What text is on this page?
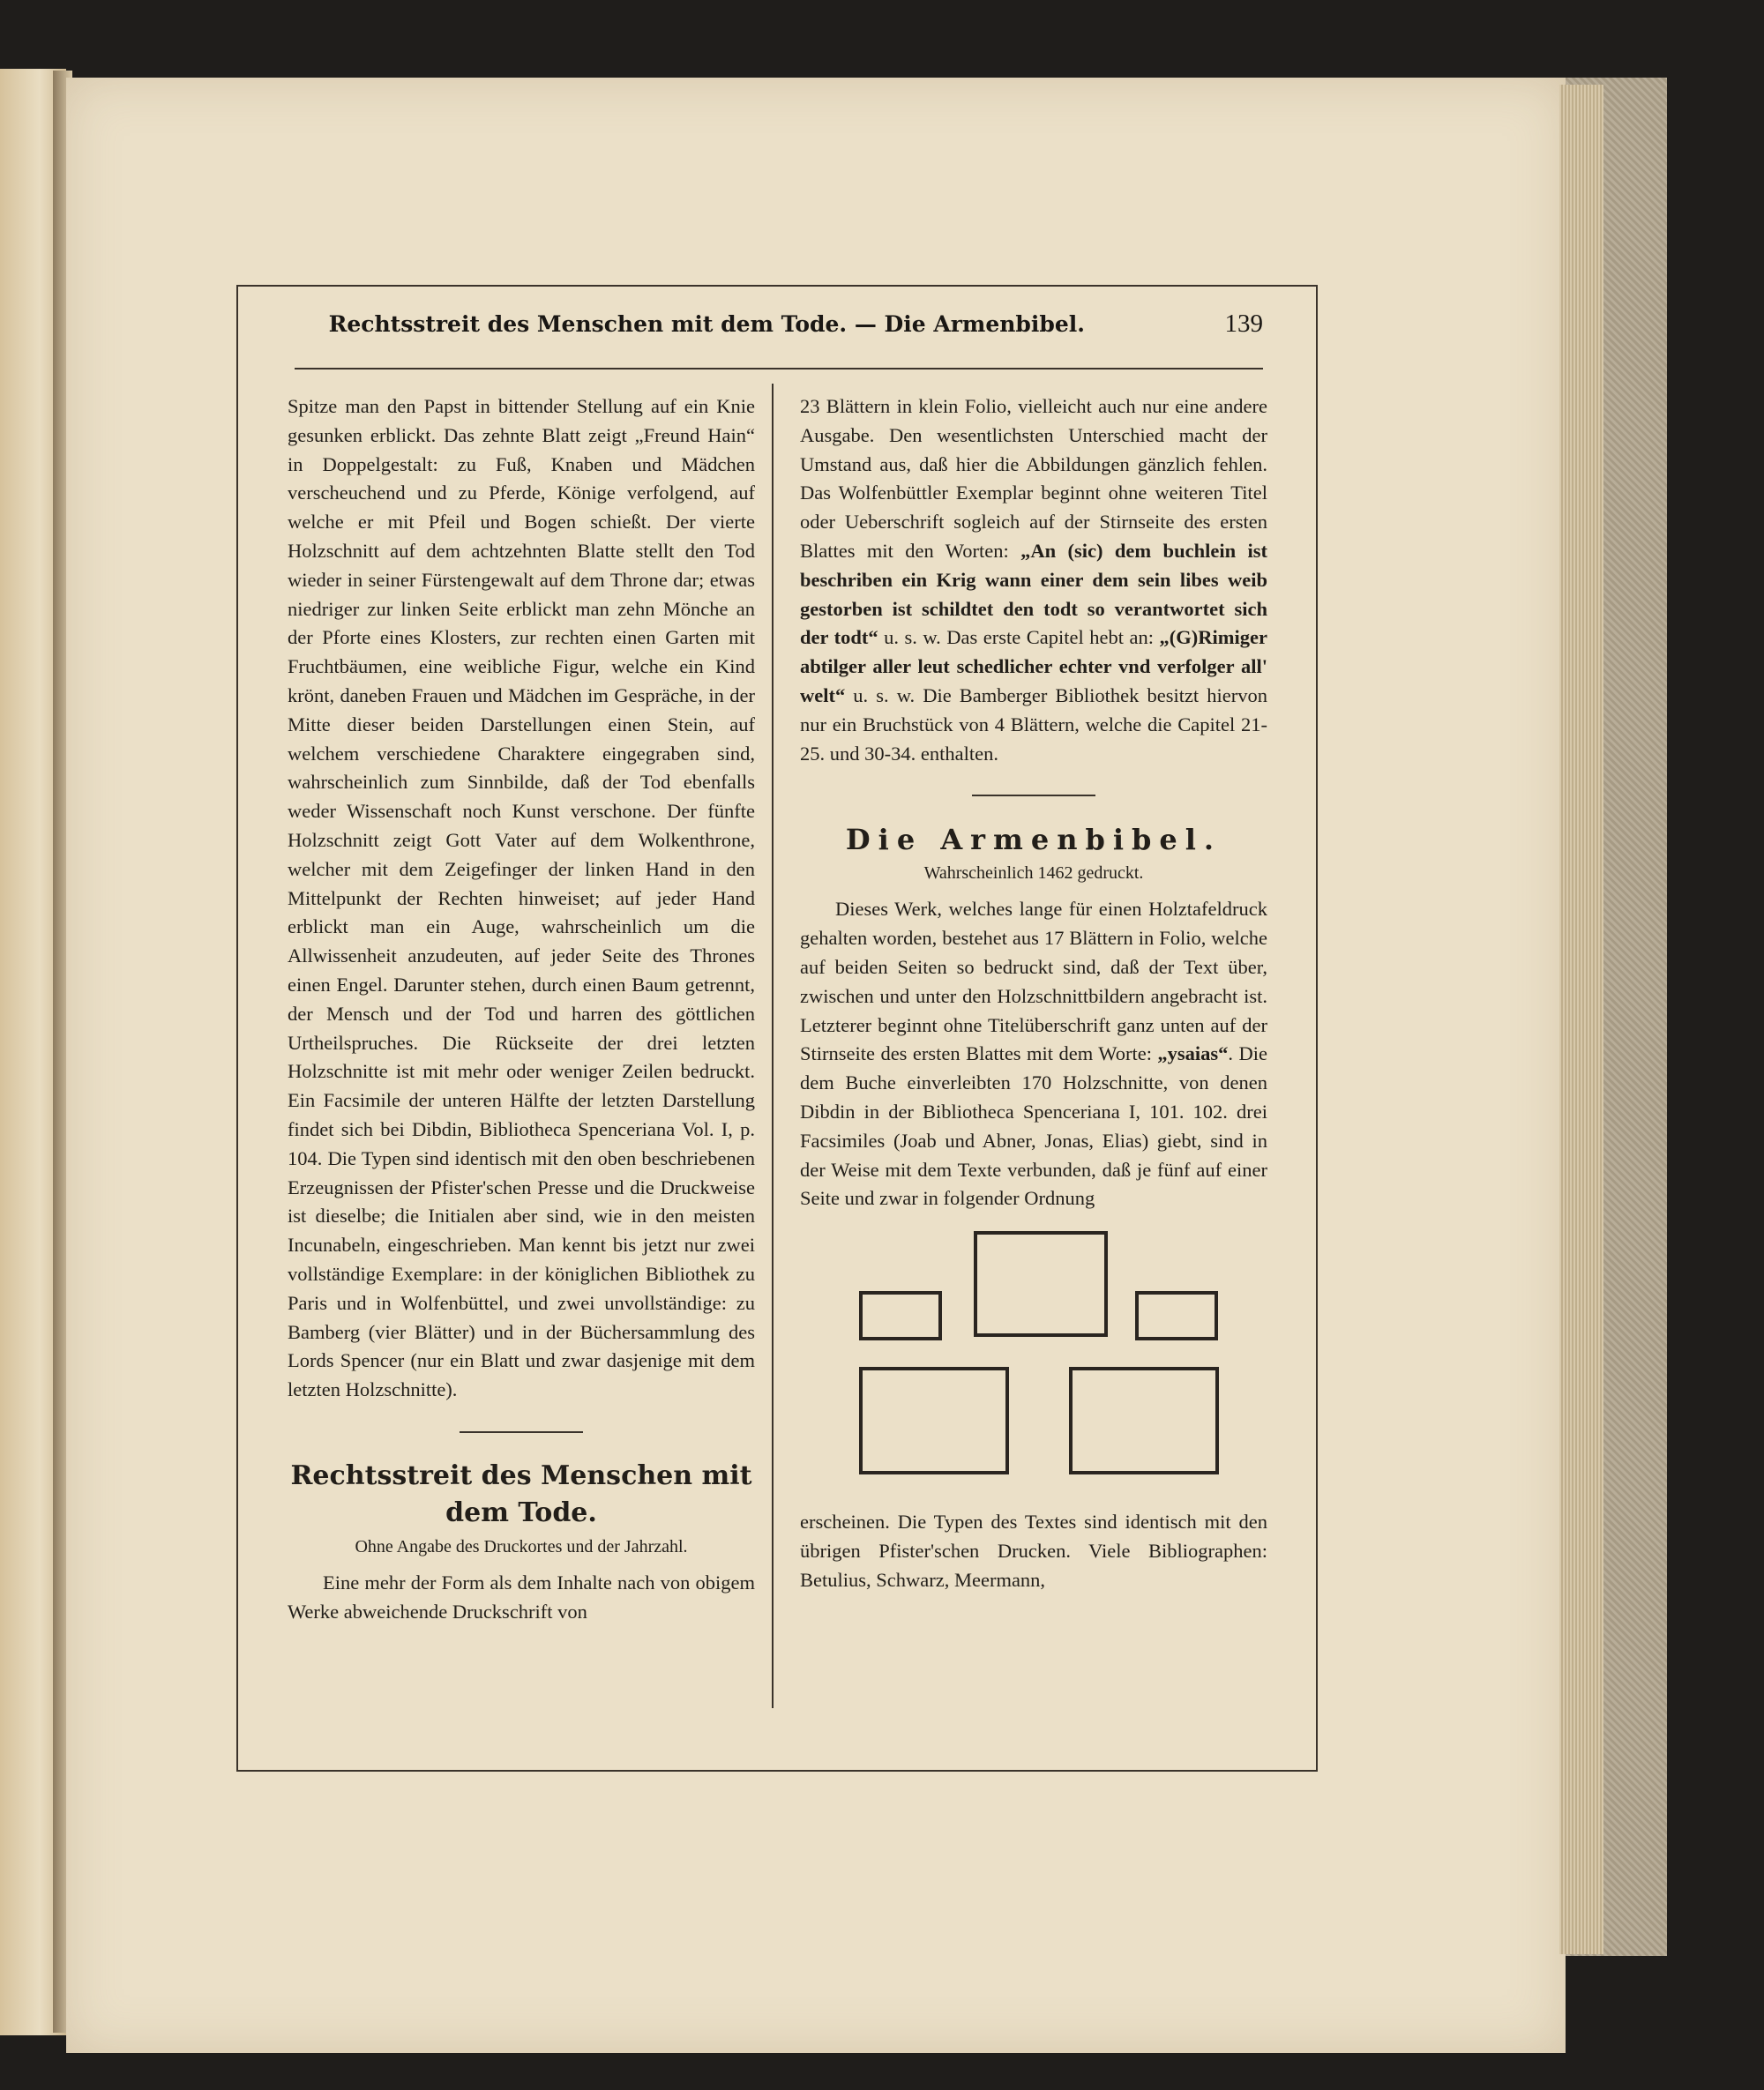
Rechtsstreit des Menschen mit dem Tode. — Die Armenbibel.	139

Spitze man den Papst in bittender Stellung auf ein Knie gesunken erblickt. Das zehnte Blatt zeigt „Freund Hain“ in Doppelgestalt: zu Fuß, Knaben und Mädchen verscheuchend und zu Pferde, Könige verfolgend, auf welche er mit Pfeil und Bogen schießt. Der vierte Holzschnitt auf dem achtzehnten Blatte stellt den Tod wieder in seiner Fürstengewalt auf dem Throne dar; etwas niedriger zur linken Seite erblickt man zehn Mönche an der Pforte eines Klosters, zur rechten einen Garten mit Fruchtbäumen, eine weibliche Figur, welche ein Kind krönt, daneben Frauen und Mädchen im Gespräche, in der Mitte dieser beiden Darstellungen einen Stein, auf welchem verschiedene Charaktere eingegraben sind, wahrscheinlich zum Sinnbilde, daß der Tod ebenfalls weder Wissenschaft noch Kunst verschone. Der fünfte Holzschnitt zeigt Gott Vater auf dem Wolkenthrone, welcher mit dem Zeigefinger der linken Hand in den Mittelpunkt der Rechten hinweiset; auf jeder Hand erblickt man ein Auge, wahrscheinlich um die Allwissenheit anzudeuten, auf jeder Seite des Thrones einen Engel. Darunter stehen, durch einen Baum getrennt, der Mensch und der Tod und harren des göttlichen Urtheilspruches. Die Rückseite der drei letzten Holzschnitte ist mit mehr oder weniger Zeilen bedruckt. Ein Facsimile der unteren Hälfte der letzten Darstellung findet sich bei Dibdin, Bibliotheca Spenceriana Vol. I, p. 104. Die Typen sind identisch mit den oben beschriebenen Erzeugnissen der Pfister'schen Presse und die Druckweise ist dieselbe; die Initialen aber sind, wie in den meisten Incunabeln, eingeschrieben. Man kennt bis jetzt nur zwei vollständige Exemplare: in der königlichen Bibliothek zu Paris und in Wolfenbüttel, und zwei unvollständige: zu Bamberg (vier Blätter) und in der Büchersammlung des Lords Spencer (nur ein Blatt und zwar dasjenige mit dem letzten Holzschnitte).

Rechtsstreit des Menschen mit dem Tode.
Ohne Angabe des Druckortes und der Jahrzahl.

Eine mehr der Form als dem Inhalte nach von obigem Werke abweichende Druckschrift von

23 Blättern in klein Folio, vielleicht auch nur eine andere Ausgabe. Den wesentlichsten Unterschied macht der Umstand aus, daß hier die Abbildungen gänzlich fehlen. Das Wolfenbüttler Exemplar beginnt ohne weiteren Titel oder Ueberschrift sogleich auf der Stirnseite des ersten Blattes mit den Worten: „An (sic) dem buchlein ist beschriben ein Krig wann einer dem sein libes weib gestorben ist schildtet den todt so verantwortet sich der todt“ u. s. w. Das erste Capitel hebt an: „(G)Rimiger abtilger aller leut schedlicher echter vnd verfolger all' welt“ u. s. w. Die Bamberger Bibliothek besitzt hiervon nur ein Bruchstück von 4 Blättern, welche die Capitel 21-25. und 30-34. enthalten.

Die Armenbibel.
Wahrscheinlich 1462 gedruckt.

Dieses Werk, welches lange für einen Holztafeldruck gehalten worden, bestehet aus 17 Blättern in Folio, welche auf beiden Seiten so bedruckt sind, daß der Text über, zwischen und unter den Holzschnittbildern angebracht ist. Letzterer beginnt ohne Titelüberschrift ganz unten auf der Stirnseite des ersten Blattes mit dem Worte: „ysaias“. Die dem Buche einverleibten 170 Holzschnitte, von denen Dibdin in der Bibliotheca Spenceriana I, 101. 102. drei Facsimiles (Joab und Abner, Jonas, Elias) giebt, sind in der Weise mit dem Texte verbunden, daß je fünf auf einer Seite und zwar in folgender Ordnung

erscheinen. Die Typen des Textes sind identisch mit den übrigen Pfister'schen Drucken. Viele Bibliographen: Betulius, Schwarz, Meermann,
